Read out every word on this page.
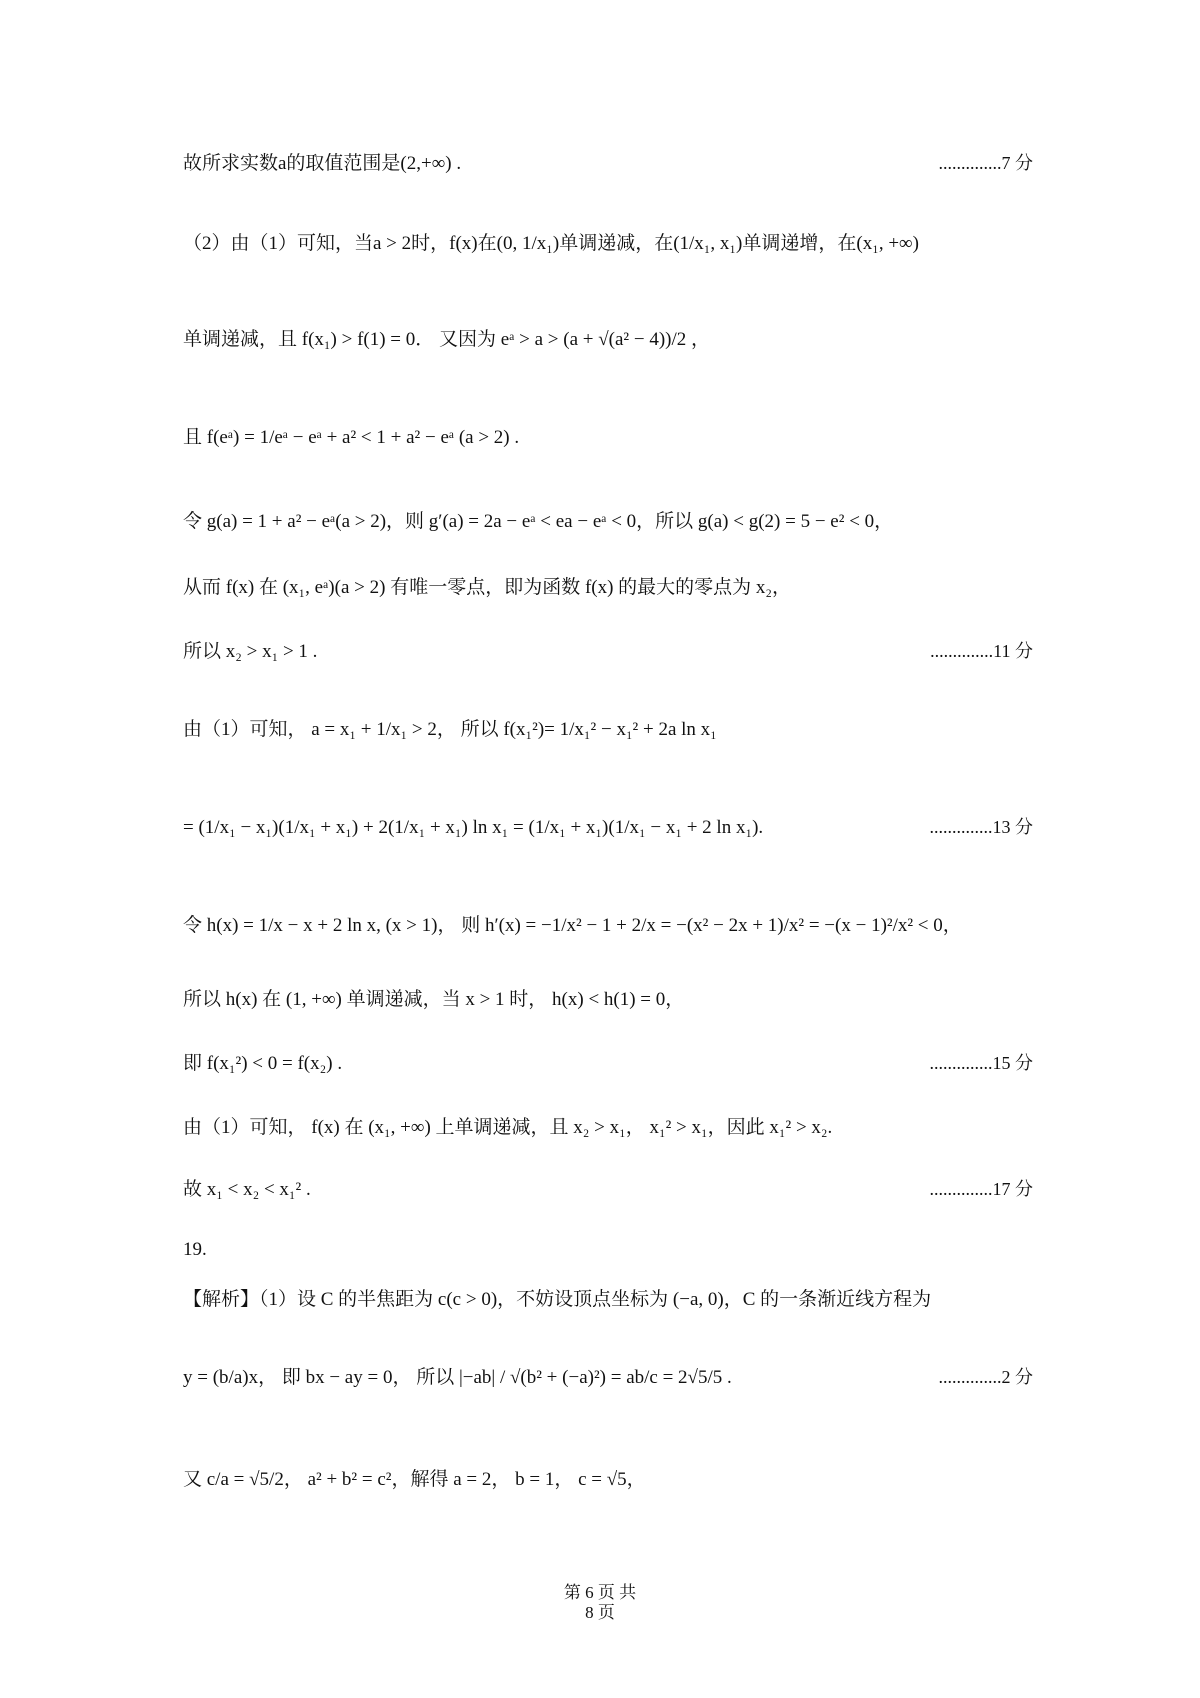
故所求实数a的取值范围是(2,+∞) .	..............7 分
（2）由（1）可知，当a > 2时，f(x)在(0, 1/x₁)单调递减，在(1/x₁, x₁)单调递增，在(x₁, +∞)
单调递减，且 f(x₁) > f(1) = 0． 又因为 eᵃ > a > (a + √(a² − 4))/2 ，
且 f(eᵃ) = 1/eᵃ − eᵃ + a² < 1 + a² − eᵃ (a > 2) .
令 g(a) = 1 + a² − eᵃ(a > 2)，则 g′(a) = 2a − eᵃ < ea − eᵃ < 0，所以 g(a) < g(2) = 5 − e² < 0，
从而 f(x) 在 (x₁, eᵃ)(a > 2) 有唯一零点，即为函数 f(x) 的最大的零点为 x₂，
所以 x₂ > x₁ > 1 .	..............11 分
由（1）可知， a = x₁ + 1/x₁ > 2， 所以 f(x₁²)= 1/x₁² − x₁² + 2a ln x₁
= (1/x₁ − x₁)(1/x₁ + x₁) + 2(1/x₁ + x₁) ln x₁ = (1/x₁ + x₁)(1/x₁ − x₁ + 2 ln x₁).	..............13 分
令 h(x) = 1/x − x + 2 ln x, (x > 1)， 则 h′(x) = −1/x² − 1 + 2/x = −(x² − 2x + 1)/x² = −(x − 1)²/x² < 0，
所以 h(x) 在 (1, +∞) 单调递减，当 x > 1 时， h(x) < h(1) = 0，
即 f(x₁²) < 0 = f(x₂) .	..............15 分
由（1）可知， f(x) 在 (x₁, +∞) 上单调递减，且 x₂ > x₁， x₁² > x₁，因此 x₁² > x₂.
故 x₁ < x₂ < x₁² .	..............17 分
19.
【解析】（1）设 C 的半焦距为 c(c > 0)，不妨设顶点坐标为 (−a, 0)，C 的一条渐近线方程为
y = (b/a)x， 即 bx − ay = 0， 所以 |−ab| / √(b² + (−a)²) = ab/c = 2√5/5 .	..............2 分
又 c/a = √5/2， a² + b² = c²，解得 a = 2， b = 1， c = √5，
第 6 页 共
8 页
